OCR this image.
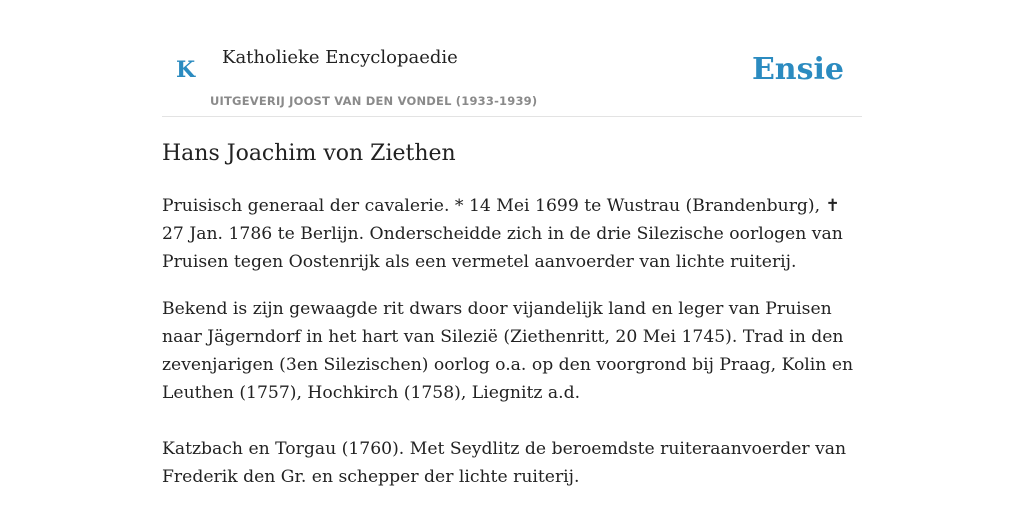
K Katholieke Encyclopaedie
UITGEVERIJ JOOST VAN DEN VONDEL (1933-1939)
Ensie
Hans Joachim von Ziethen

Pruisisch generaal der cavalerie. * 14 Mei 1699 te Wustrau (Brandenburg), ✝ 27 Jan. 1786 te Berlijn. Onderscheidde zich in de drie Silezische oorlogen van Pruisen tegen Oostenrijk als een vermetel aanvoerder van lichte ruiterij.

Bekend is zijn gewaagde rit dwars door vijandelijk land en leger van Pruisen naar Jägerndorf in het hart van Silezië (Ziethenritt, 20 Mei 1745). Trad in den zevenjarigen (3en Silezischen) oorlog o.a. op den voorgrond bij Praag, Kolin en Leuthen (1757), Hochkirch (1758), Liegnitz a.d.

Katzbach en Torgau (1760). Met Seydlitz de beroemdste ruiteraanvoerder van Frederik den Gr. en schepper der lichte ruiterij.
